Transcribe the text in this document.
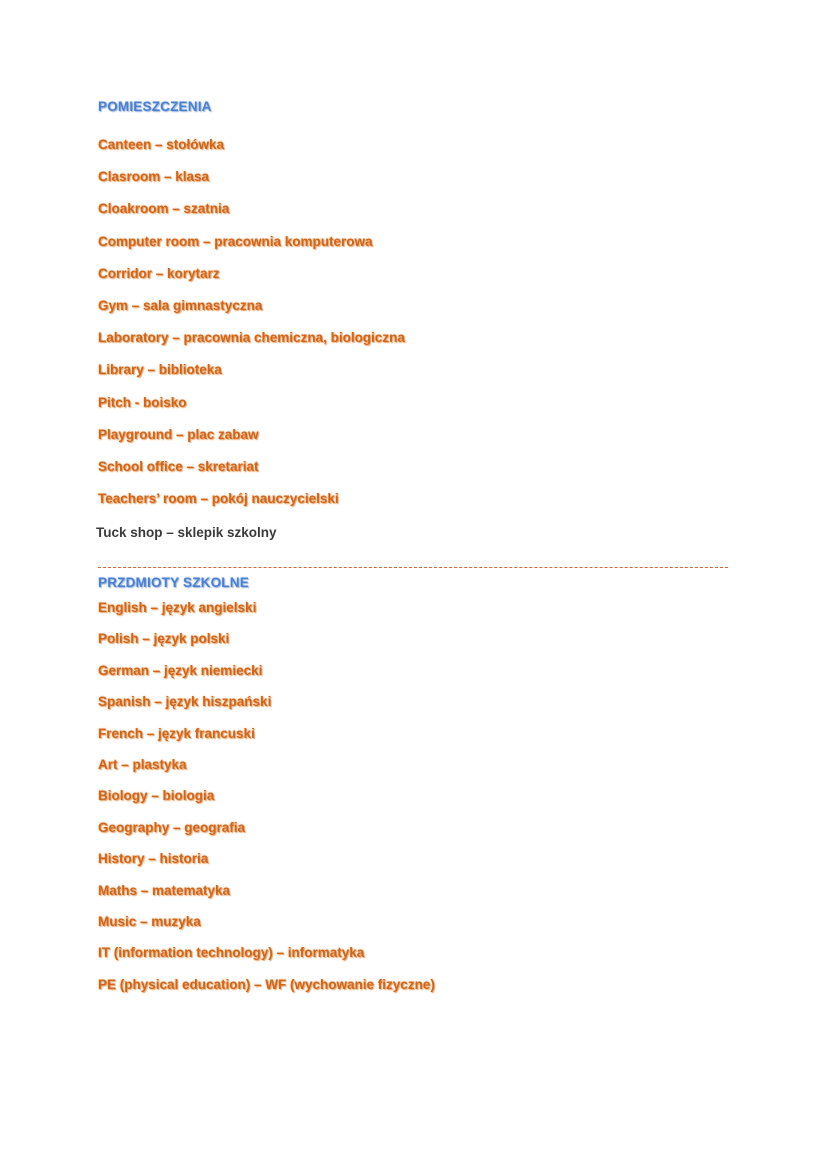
POMIESZCZENIA
Canteen – stołówka
Clasroom – klasa
Cloakroom – szatnia
Computer room – pracownia komputerowa
Corridor – korytarz
Gym – sala gimnastyczna
Laboratory – pracownia chemiczna, biologiczna
Library – biblioteka
Pitch - boisko
Playground – plac zabaw
School office – skretariat
Teachers’ room – pokój nauczycielski
Tuck shop – sklepik szkolny
PRZDMIOTY SZKOLNE
English – język angielski
Polish – język polski
German – język niemiecki
Spanish – język hiszpański
French – język francuski
Art – plastyka
Biology – biologia
Geography – geografia
History – historia
Maths – matematyka
Music – muzyka
IT (information technology) – informatyka
PE (physical education) – WF (wychowanie fizyczne)
